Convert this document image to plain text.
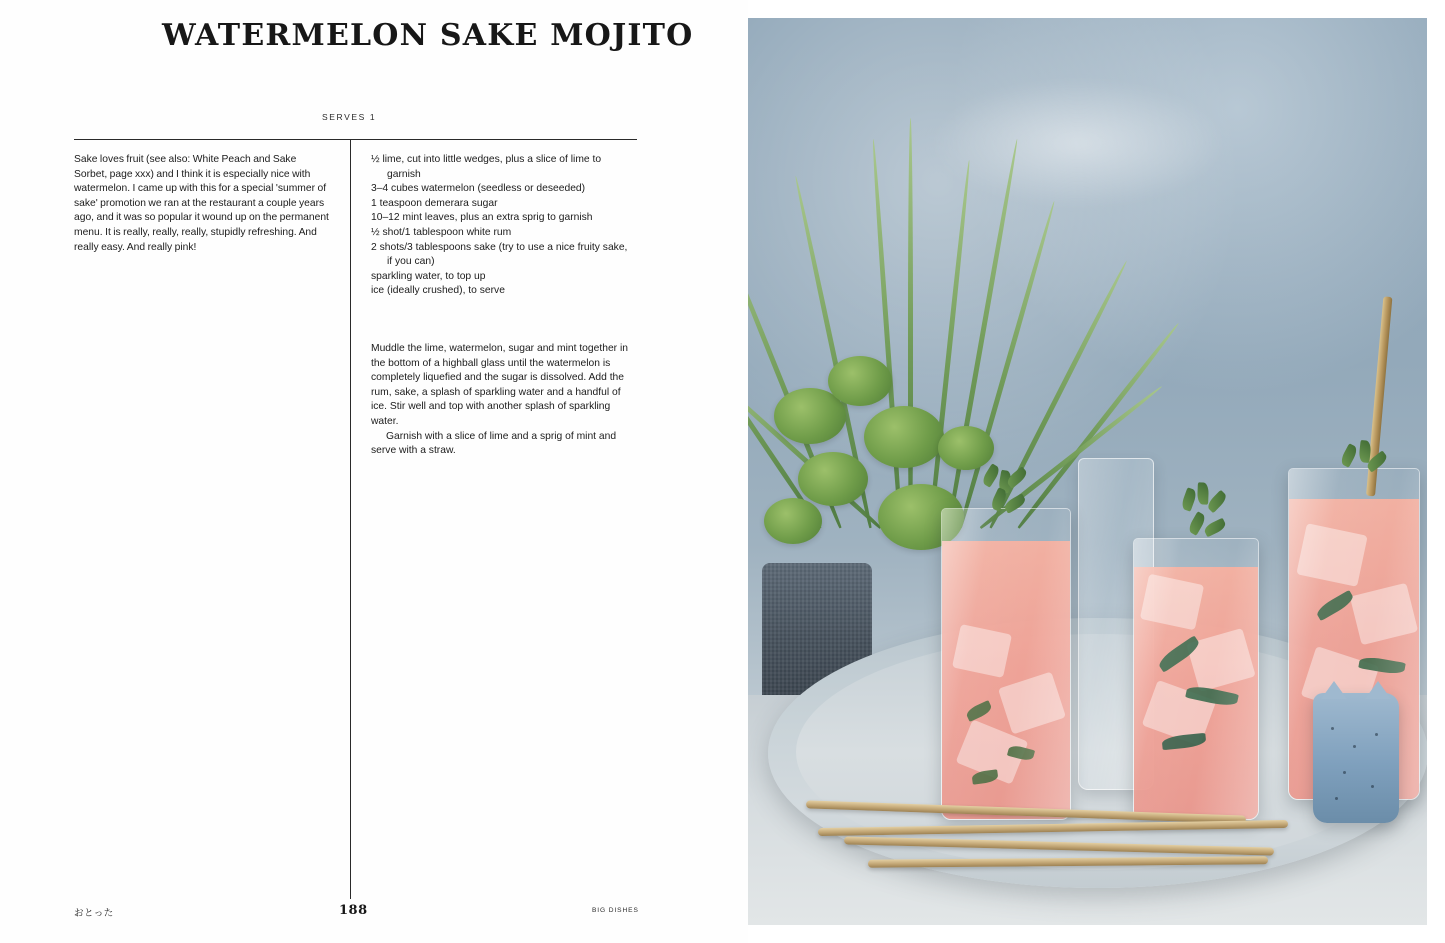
WATERMELON SAKE MOJITO
SERVES 1
Sake loves fruit (see also: White Peach and Sake Sorbet, page xxx) and I think it is especially nice with watermelon. I came up with this for a special 'summer of sake' promotion we ran at the restaurant a couple years ago, and it was so popular it wound up on the permanent menu. It is really, really, really, stupidly refreshing. And really easy. And really pink!
½ lime, cut into little wedges, plus a slice of lime to garnish
3–4 cubes watermelon (seedless or deseeded)
1 teaspoon demerara sugar
10–12 mint leaves, plus an extra sprig to garnish
½ shot/1 tablespoon white rum
2 shots/3 tablespoons sake (try to use a nice fruity sake, if you can)
sparkling water, to top up
ice (ideally crushed), to serve

Muddle the lime, watermelon, sugar and mint together in the bottom of a highball glass until the watermelon is completely liquefied and the sugar is dissolved. Add the rum, sake, a splash of sparkling water and a handful of ice. Stir well and top with another splash of sparkling water.

Garnish with a slice of lime and a sprig of mint and serve with a straw.

おとった	188	BIG DISHES
